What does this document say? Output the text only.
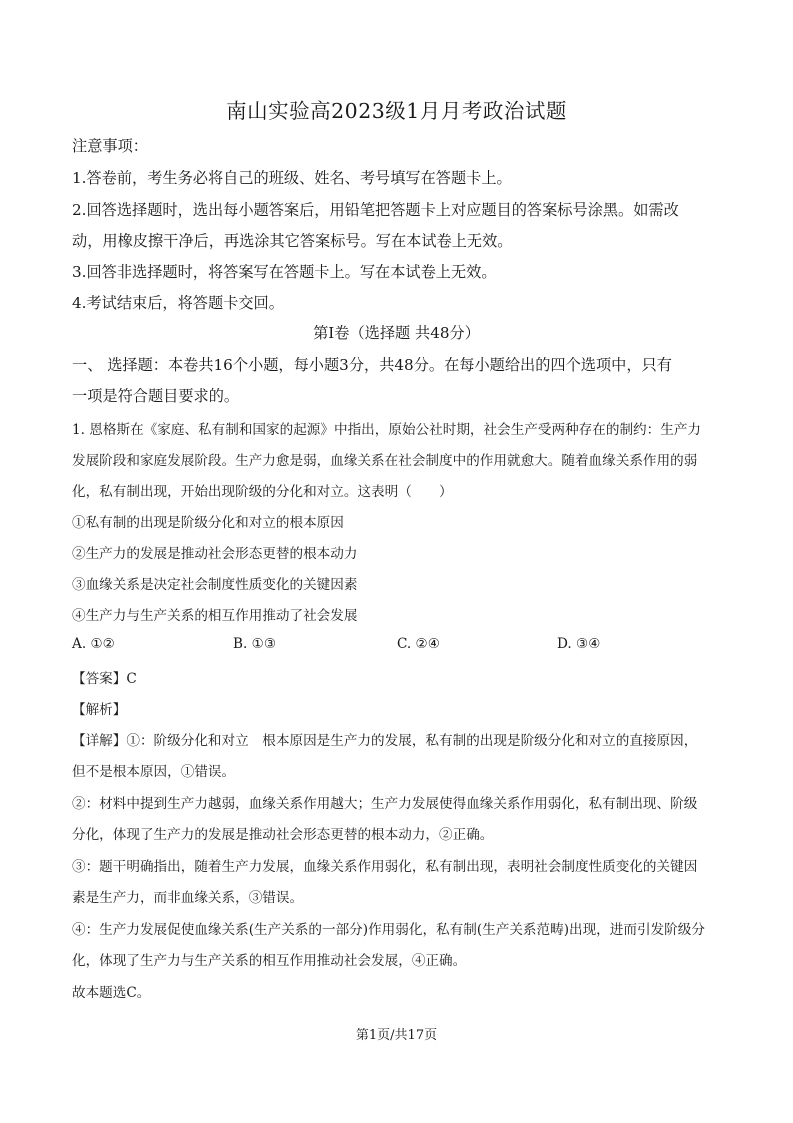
南山实验高2023级1月月考政治试题
注意事项：
1.答卷前，考生务必将自己的班级、姓名、考号填写在答题卡上。
2.回答选择题时，选出每小题答案后，用铅笔把答题卡上对应题目的答案标号涂黑。如需改
动，用橡皮擦干净后，再选涂其它答案标号。写在本试卷上无效。
3.回答非选择题时，将答案写在答题卡上。写在本试卷上无效。
4.考试结束后，将答题卡交回。
第Ⅰ卷（选择题 共48分）
一、 选择题：本卷共16个小题，每小题3分，共48分。在每小题给出的四个选项中，只有
一项是符合题目要求的。
1. 恩格斯在《家庭、私有制和国家的起源》中指出，原始公社时期，社会生产受两种存在的制约：生产力
发展阶段和家庭发展阶段。生产力愈是弱，血缘关系在社会制度中的作用就愈大。随着血缘关系作用的弱
化，私有制出现，开始出现阶级的分化和对立。这表明（　　）
①私有制的出现是阶级分化和对立的根本原因
②生产力的发展是推动社会形态更替的根本动力
③血缘关系是决定社会制度性质变化的关键因素
④生产力与生产关系的相互作用推动了社会发展
A. ①②	B. ①③	C. ②④	D. ③④
【答案】C
【解析】
【详解】①：阶级分化和对立　根本原因是生产力的发展，私有制的出现是阶级分化和对立的直接原因，
但不是根本原因，①错误。
②：材料中提到生产力越弱，血缘关系作用越大；生产力发展使得血缘关系作用弱化，私有制出现、阶级
分化，体现了生产力的发展是推动社会形态更替的根本动力，②正确。
③：题干明确指出，随着生产力发展，血缘关系作用弱化，私有制出现，表明社会制度性质变化的关键因
素是生产力，而非血缘关系，③错误。
④：生产力发展促使血缘关系(生产关系的一部分)作用弱化，私有制(生产关系范畴)出现，进而引发阶级分
化，体现了生产力与生产关系的相互作用推动社会发展，④正确。
故本题选C。
第1页/共17页
